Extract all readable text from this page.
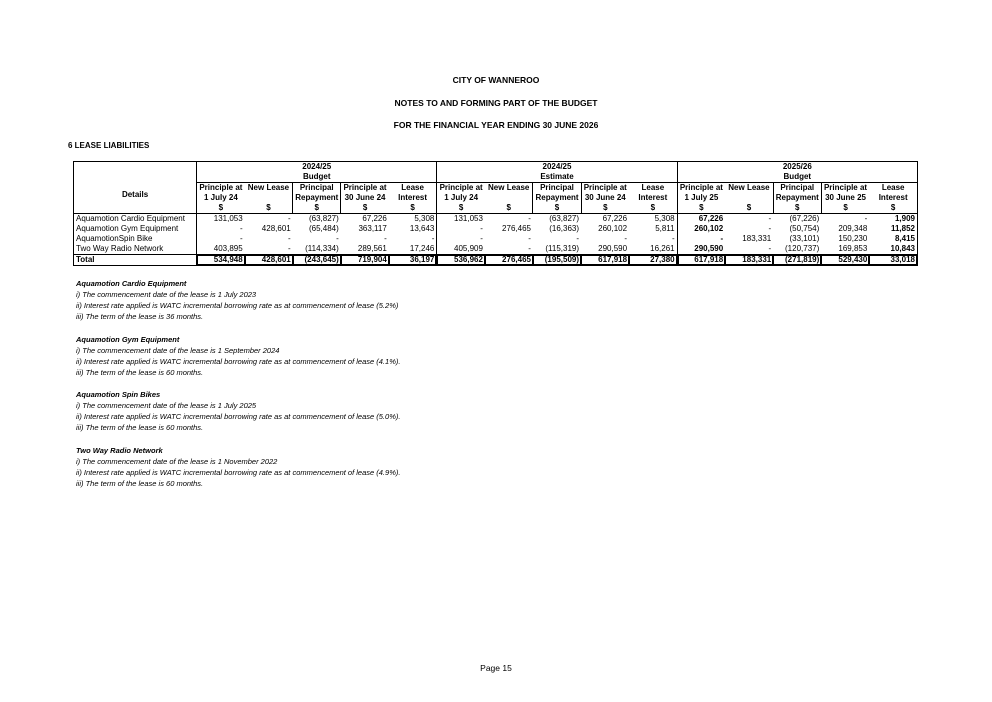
CITY OF WANNEROO
NOTES TO AND FORMING PART OF THE BUDGET
FOR THE FINANCIAL YEAR ENDING 30 JUNE 2026
6 LEASE LIABILITIES
Details	2024/25					2024/25					2025/26				
	Budget					Estimate					Budget				
	Principle at	New Lease	Principal	Principle at	Lease	Principle at	New Lease	Principal	Principle at	Lease	Principle at	New Lease	Principal	Principle at	Lease
	1 July 24		Repayment	30 June 24	Interest	1 July 24		Repayment	30 June 24	Interest	1 July 25		Repayment	30 June 25	Interest
	$	$	$	$	$	$	$	$	$	$	$	$	$	$	$
Aquamotion Cardio Equipment	131,053	-	(63,827)	67,226	5,308	131,053	-	(63,827)	67,226	5,308	67,226	-	(67,226)	-	1,909
Aquamotion Gym Equipment	-	428,601	(65,484)	363,117	13,643	-	276,465	(16,363)	260,102	5,811	260,102	-	(50,754)	209,348	11,852
AquamotionSpin Bike	-	-	-	-	-	-	-	-	-	-	-	183,331	(33,101)	150,230	8,415
Two Way Radio Network	403,895	-	(114,334)	289,561	17,246	405,909	-	(115,319)	290,590	16,261	290,590	-	(120,737)	169,853	10,843
Total	534,948	428,601	(243,645)	719,904	36,197	536,962	276,465	(195,509)	617,918	27,380	617,918	183,331	(271,819)	529,430	33,018
Aquamotion Cardio Equipment
i) The commencement date of the lease is 1 July 2023
ii) Interest rate applied is WATC incremental borrowing rate as at commencement of lease (5.2%)
iii) The term of the lease is 36 months.
Aquamotion Gym Equipment
i) The commencement date of the lease is 1 September 2024
ii) Interest rate applied is WATC incremental borrowing rate as at commencement of lease (4.1%).
iii) The term of the lease is 60 months.
Aquamotion Spin Bikes
i) The commencement date of the lease is 1 July 2025
ii) Interest rate applied is WATC incremental borrowing rate as at commencement of lease (5.0%).
iii) The term of the lease is 60 months.
Two Way Radio Network
i) The commencement date of the lease is 1 November 2022
ii) Interest rate applied is WATC incremental borrowing rate as at commencement of lease (4.9%).
iii) The term of the lease is 60 months.
Page 15
